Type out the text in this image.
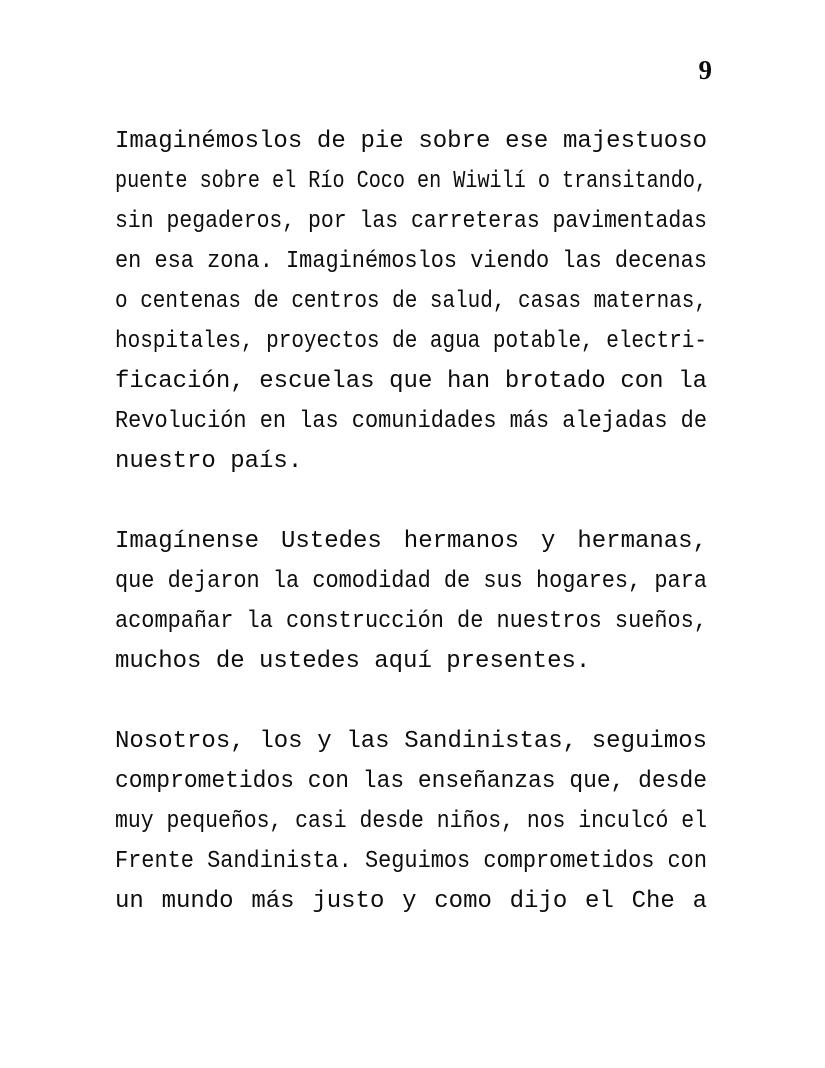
9

Imaginémoslos de pie sobre ese majestuoso
puente sobre el Río Coco en Wiwilí o transitando,
sin pegaderos, por las carreteras pavimentadas
en esa zona. Imaginémoslos viendo las decenas
o centenas de centros de salud, casas maternas,
hospitales, proyectos de agua potable, electri-
ficación, escuelas que han brotado con la
Revolución en las comunidades más alejadas de
nuestro país.

Imagínense Ustedes hermanos y hermanas,
que dejaron la comodidad de sus hogares, para
acompañar la construcción de nuestros sueños,
muchos de ustedes aquí presentes.

Nosotros, los y las Sandinistas, seguimos
comprometidos con las enseñanzas que, desde
muy pequeños, casi desde niños, nos inculcó el
Frente Sandinista. Seguimos comprometidos con
un mundo más justo y como dijo el Che a
